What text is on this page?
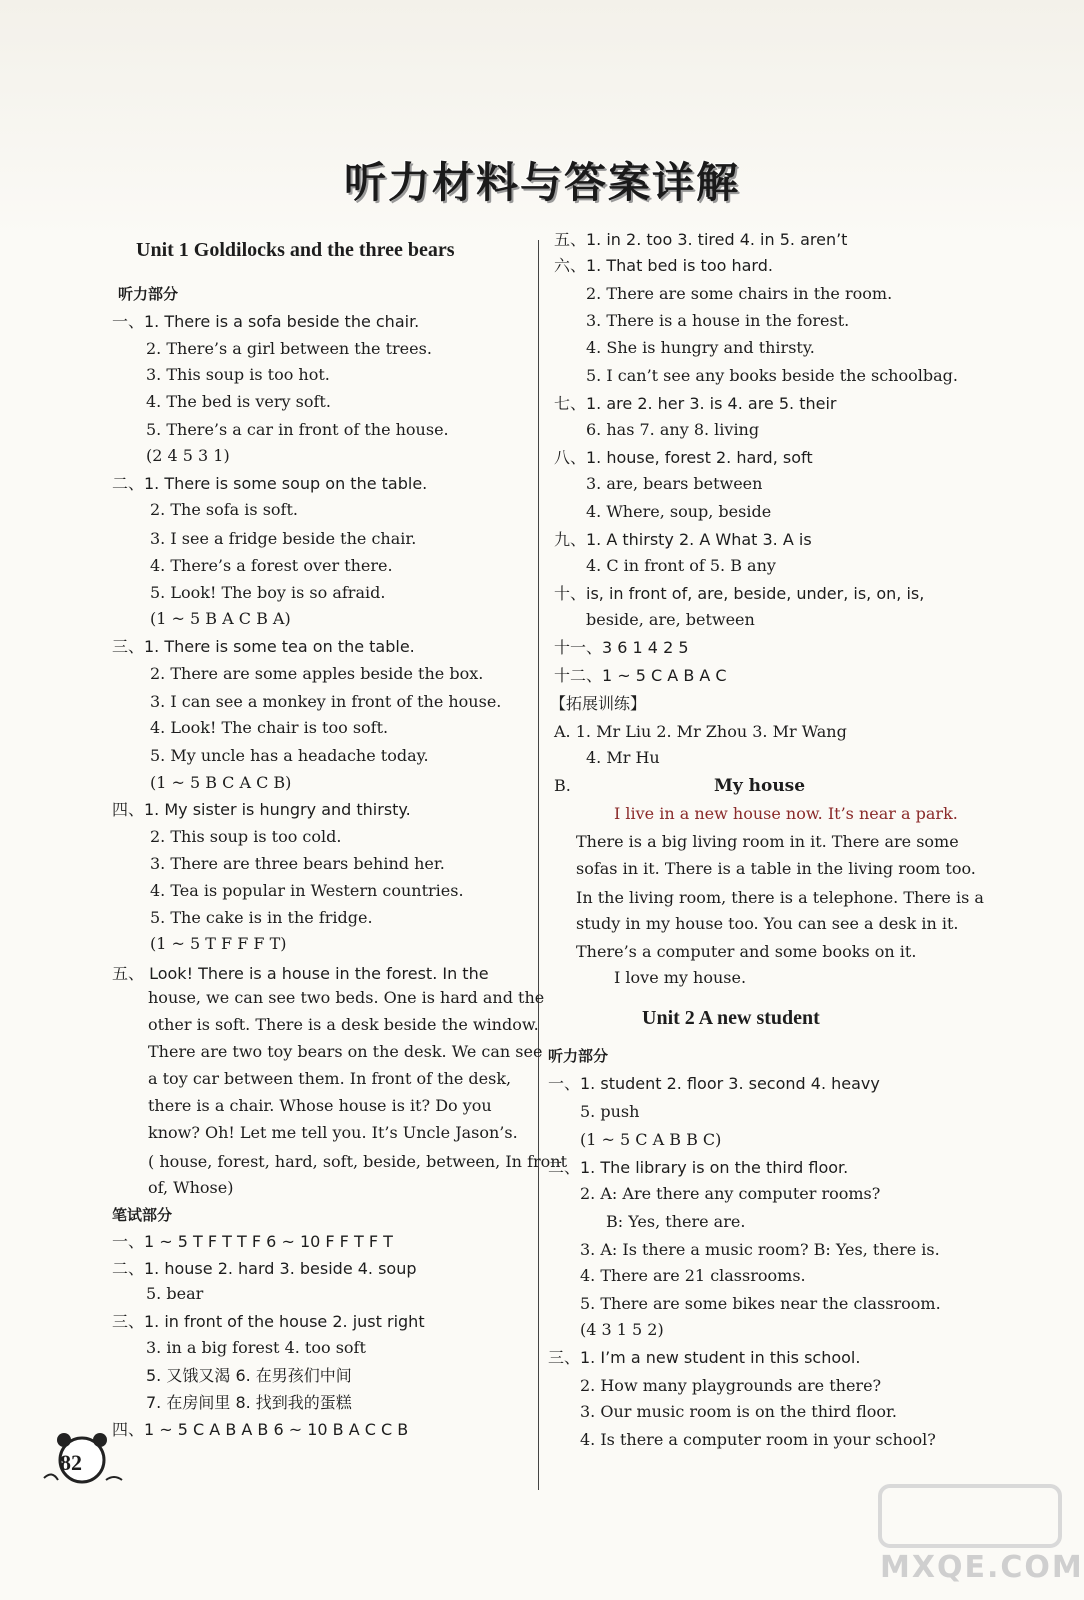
听力材料与答案详解
Unit 1 Goldilocks and the three bears
听力部分
一、1. There is a sofa beside the chair.
2. There’s a girl between the trees.
3. This soup is too hot.
4. The bed is very soft.
5. There’s a car in front of the house.
(2 4 5 3 1)
二、1. There is some soup on the table.
2. The sofa is soft.
3. I see a fridge beside the chair.
4. There’s a forest over there.
5. Look! The boy is so afraid.
(1 ~ 5 B A C B A)
三、1. There is some tea on the table.
2. There are some apples beside the box.
3. I can see a monkey in front of the house.
4. Look! The chair is too soft.
5. My uncle has a headache today.
(1 ~ 5 B C A C B)
四、1. My sister is hungry and thirsty.
2. This soup is too cold.
3. There are three bears behind her.
4. Tea is popular in Western countries.
5. The cake is in the fridge.
(1 ~ 5 T F F F T)
五、 Look! There is a house in the forest. In the
house, we can see two beds. One is hard and the
other is soft. There is a desk beside the window.
There are two toy bears on the desk. We can see
a toy car between them. In front of the desk,
there is a chair. Whose house is it? Do you
know? Oh! Let me tell you. It’s Uncle Jason’s.
( house, forest, hard, soft, beside, between, In front
of, Whose)
笔试部分
一、1 ~ 5 T F T T F 6 ~ 10 F F T F T
二、1. house 2. hard 3. beside 4. soup
5. bear
三、1. in front of the house 2. just right
3. in a big forest 4. too soft
5. 又饿又渴 6. 在男孩们中间
7. 在房间里 8. 找到我的蛋糕
四、1 ~ 5 C A B A B 6 ~ 10 B A C C B
五、1. in 2. too 3. tired 4. in 5. aren’t
六、1. That bed is too hard.
2. There are some chairs in the room.
3. There is a house in the forest.
4. She is hungry and thirsty.
5. I can’t see any books beside the schoolbag.
七、1. are 2. her 3. is 4. are 5. their
6. has 7. any 8. living
八、1. house, forest 2. hard, soft
3. are, bears between
4. Where, soup, beside
九、1. A thirsty 2. A What 3. A is
4. C in front of 5. B any
十、is, in front of, are, beside, under, is, on, is,
beside, are, between
十一、3 6 1 4 2 5
十二、1 ~ 5 C A B A C
【拓展训练】
A. 1. Mr Liu 2. Mr Zhou 3. Mr Wang
4. Mr Hu
B.	My house
I live in a new house now. It’s near a park.
There is a big living room in it. There are some
sofas in it. There is a table in the living room too.
In the living room, there is a telephone. There is a
study in my house too. You can see a desk in it.
There’s a computer and some books on it.
I love my house.
Unit 2 A new student
听力部分
一、1. student 2. floor 3. second 4. heavy
5. push
(1 ~ 5 C A B B C)
二、1. The library is on the third floor.
2. A: Are there any computer rooms?
B: Yes, there are.
3. A: Is there a music room? B: Yes, there is.
4. There are 21 classrooms.
5. There are some bikes near the classroom.
(4 3 1 5 2)
三、1. I’m a new student in this school.
2. How many playgrounds are there?
3. Our music room is on the third floor.
4. Is there a computer room in your school?
82
MXQE.COM
